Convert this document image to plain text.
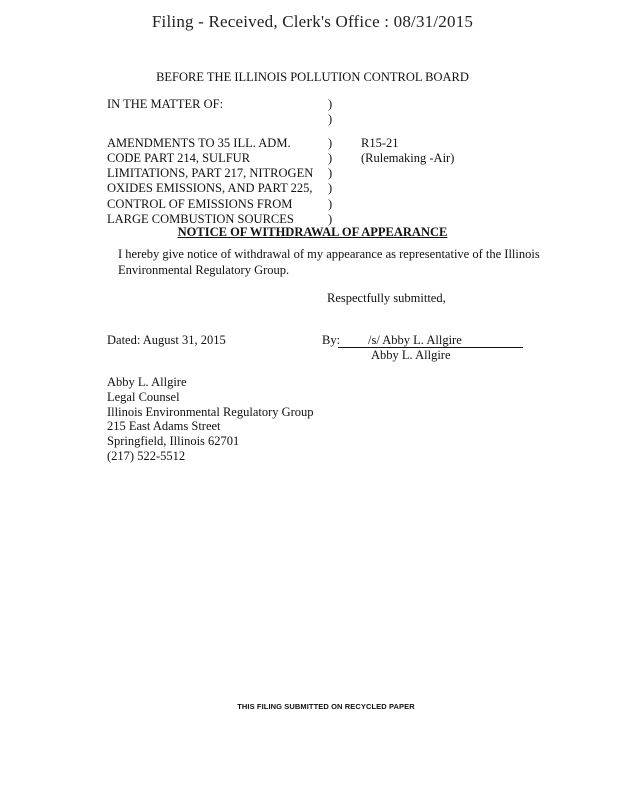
Filing - Received, Clerk's Office : 08/31/2015
BEFORE THE ILLINOIS POLLUTION CONTROL BOARD
IN THE MATTER OF:	)
)
AMENDMENTS TO 35 ILL. ADM.	)	R15-21
CODE PART 214, SULFUR	)	(Rulemaking -Air)
LIMITATIONS, PART 217, NITROGEN	)
OXIDES EMISSIONS, AND PART 225,	)
CONTROL OF EMISSIONS FROM	)
LARGE COMBUSTION SOURCES	)
NOTICE OF WITHDRAWAL OF APPEARANCE
I hereby give notice of withdrawal of my appearance as representative of the Illinois Environmental Regulatory Group.
Respectfully submitted,
Dated: August 31, 2015	By: /s/ Abby L. Allgire
Abby L. Allgire
Abby L. Allgire
Legal Counsel
Illinois Environmental Regulatory Group
215 East Adams Street
Springfield, Illinois 62701
(217) 522-5512
THIS FILING SUBMITTED ON RECYCLED PAPER
